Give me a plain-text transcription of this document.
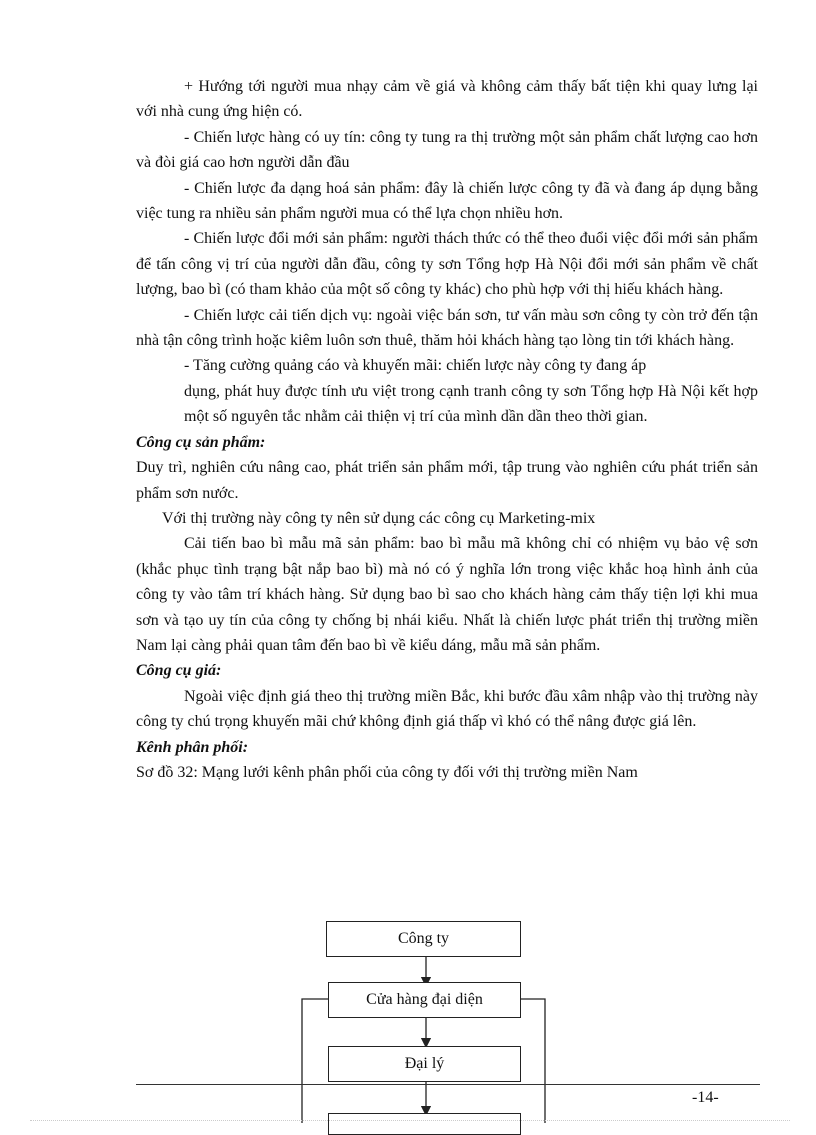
+ Hướng tới người mua nhạy cảm về giá và không cảm thấy bất tiện khi quay lưng lại với nhà cung ứng hiện có.

- Chiến lược hàng có uy tín: công ty tung ra thị trường một sản phẩm chất lượng cao hơn và đòi giá cao hơn người dẫn đầu

- Chiến lược đa dạng hoá sản phẩm: đây là chiến lược công ty đã và đang áp dụng bằng việc tung ra nhiều sản phẩm người mua có thể lựa chọn nhiều hơn.

- Chiến lược đổi mới sản phẩm: người thách thức có thể theo đuổi việc đổi mới sản phẩm để tấn công vị trí của người dẫn đầu, công ty sơn Tổng hợp Hà Nội đổi mới sản phẩm về chất lượng, bao bì (có tham khảo của một số công ty khác) cho phù hợp với thị hiếu khách hàng.

- Chiến lược cải tiến dịch vụ: ngoài việc bán sơn, tư vấn màu sơn công ty còn trở đến tận nhà tận công trình hoặc kiêm luôn sơn thuê, thăm hỏi khách hàng tạo lòng tin tới khách hàng.

- Tăng cường quảng cáo và khuyến mãi: chiến lược này công ty đang áp

dụng, phát huy được tính ưu việt trong cạnh tranh công ty sơn Tổng hợp Hà Nội kết hợp một số nguyên tắc nhằm cải thiện vị trí của mình dần dần theo thời gian.

Công cụ sản phẩm:

Duy trì, nghiên cứu nâng cao, phát triển sản phẩm mới, tập trung vào nghiên cứu phát triển sản phẩm sơn nước.

Với thị trường này công ty nên sử dụng các công cụ Marketing-mix

Cải tiến bao bì mẫu mã sản phẩm: bao bì mẫu mã không chỉ có nhiệm vụ bảo vệ sơn (khắc phục tình trạng bật nắp bao bì) mà nó có ý nghĩa lớn trong việc khắc hoạ hình ảnh của công ty vào tâm trí khách hàng. Sử dụng bao bì sao cho khách hàng cảm thấy tiện lợi khi mua sơn và tạo uy tín của công ty chống bị nhái kiểu. Nhất là chiến lược phát triển thị trường miền Nam lại càng phải quan tâm đến bao bì về kiểu dáng, mẫu mã sản phẩm.

Công cụ giá:

Ngoài việc định giá theo thị trường miền Bắc, khi bước đầu xâm nhập vào thị trường này công ty chú trọng khuyến mãi chứ không định giá thấp vì khó có thể nâng được giá lên.

Kênh phân phối:

Sơ đồ 32: Mạng lưới kênh phân phối của công ty đối với thị trường miền Nam

Công ty
Cửa hàng đại diện
Đại lý
-14-
